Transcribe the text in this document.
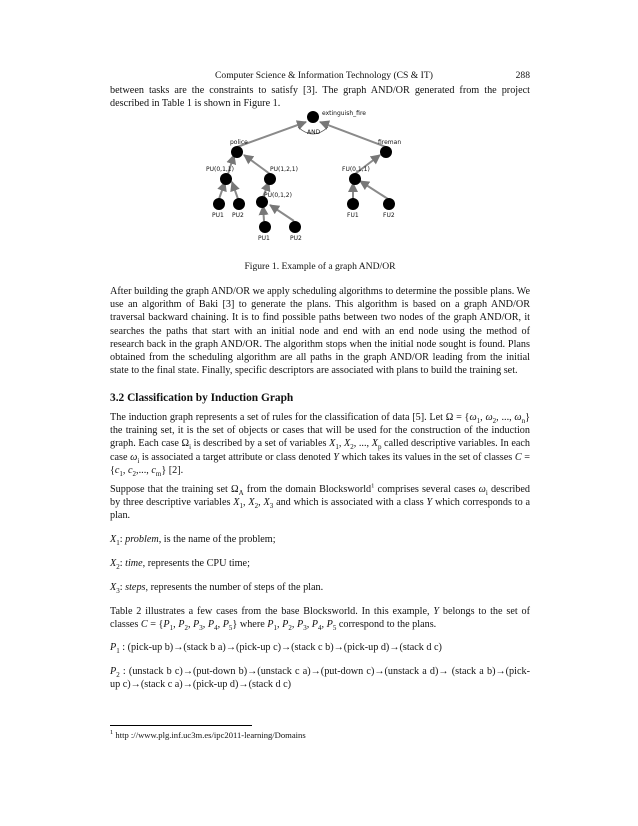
Computer Science & Information Technology (CS & IT)	288

between tasks are the constraints to satisfy [3]. The graph AND/OR generated from the project described in Table 1 is shown in Figure 1.

extinguish_fire
AND
police	fireman
PU(0,1,1)	PU(1,2,1)	FU(0,1,1)
PU(0,1,2)
PU1 PU2
PU1	PU2
FU1	FU2
Figure 1. Example of a graph AND/OR

After building the graph AND/OR we apply scheduling algorithms to determine the possible plans. We use an algorithm of Baki [3] to generate the plans. This algorithm is based on a graph AND/OR traversal backward chaining. It is to find possible paths between two nodes of the graph AND/OR, it searches the paths that start with an initial node and end with an end node using the method of research back in the graph AND/OR. The algorithm stops when the initial node sought is found. Plans obtained from the scheduling algorithm are all paths in the graph AND/OR leading from the initial state to the final state. Finally, specific descriptors are associated with plans to build the training set.

3.2 Classification by Induction Graph

The induction graph represents a set of rules for the classification of data [5]. Let $\Omega = \{\omega_1$, $\omega_2$, ..., $\omega_n$} the training set, it is the set of objects or cases that will be used for the construction of the induction graph. Each case $\Omega_i$ is described by a set of variables $X_1$, $X_2$, ..., $X_p$ called descriptive variables. In each case $\omega_i$ is associated a target attribute or class denoted Y which takes its values in the set of classes $C = \{c_1$, $c_2$,..., $c_m$} [2].

Suppose that the training set $\Omega_A$ from the domain Blocksworld$^1$ comprises several cases $\omega_i$ described by three descriptive variables $X_1$, $X_2$, $X_3$ and which is associated with a class Y which corresponds to a plan.

$X_1$: problem, is the name of the problem;

$X_2$: time, represents the CPU time;

$X_3$: steps, represents the number of steps of the plan.

Table 2 illustrates a few cases from the base Blocksworld. In this example, Y belongs to the set of classes $C = \{P_1$, $P_2$, $P_3$, $P_4$, $P_5$} where $P_1$, $P_2$, $P_3$, $P_4$, $P_5$ correspond to the plans.

$P_1$ : (pick-up b)→(stack b a)→(pick-up c)→(stack c b)→(pick-up d)→(stack d c)

$P_2$ : (unstack b c)→(put-down b)→(unstack c a)→(put-down c)→(unstack a d)→ (stack a b)→(pick-up c)→(stack c a)→(pick-up d)→(stack d c)

$^1$ http ://www.plg.inf.uc3m.es/ipc2011-learning/Domains
